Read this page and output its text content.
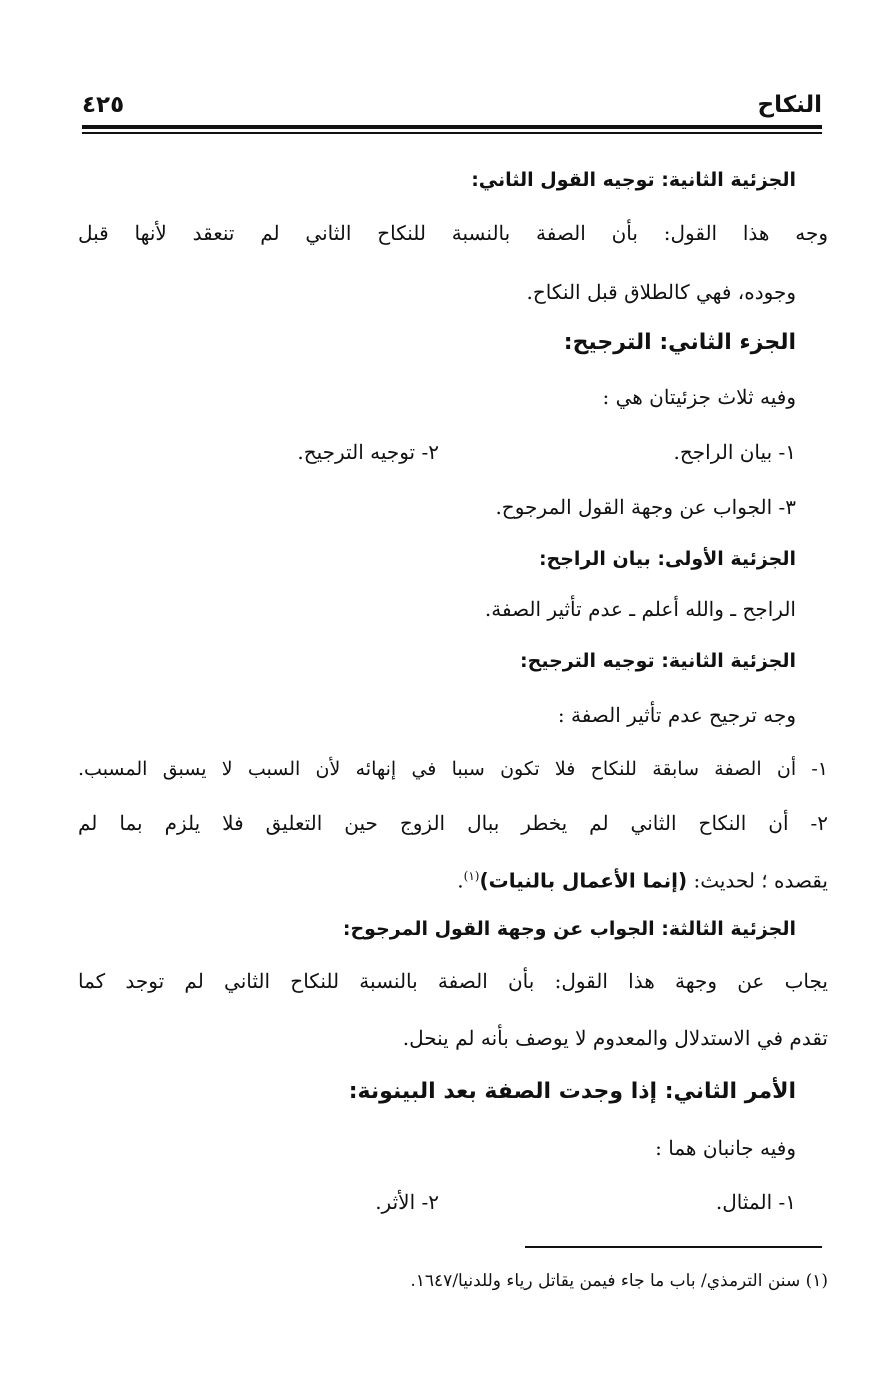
النكاح
٤٢٥
الجزئية الثانية: توجيه القول الثاني:
وجه هذا القول: بأن الصفة بالنسبة للنكاح الثاني لم تنعقد لأنها قبل
وجوده، فهي كالطلاق قبل النكاح.
الجزء الثاني: الترجيح:
وفيه ثلاث جزئيتان هي :
١- بيان الراجح.
٢- توجيه الترجيح.
٣- الجواب عن وجهة القول المرجوح.
الجزئية الأولى: بيان الراجح:
الراجح ـ والله أعلم ـ عدم تأثير الصفة.
الجزئية الثانية: توجيه الترجيح:
وجه ترجيح عدم تأثير الصفة :
١- أن الصفة سابقة للنكاح فلا تكون سببا في إنهائه لأن السبب لا يسبق المسبب.
٢- أن النكاح الثاني لم يخطر ببال الزوج حين التعليق فلا يلزم بما لم
يقصده ؛ لحديث: (إنما الأعمال بالنيات)$^{(١)}$.
الجزئية الثالثة: الجواب عن وجهة القول المرجوح:
يجاب عن وجهة هذا القول: بأن الصفة بالنسبة للنكاح الثاني لم توجد كما
تقدم في الاستدلال والمعدوم لا يوصف بأنه لم ينحل.
الأمر الثاني: إذا وجدت الصفة بعد البينونة:
وفيه جانبان هما :
١- المثال.
٢- الأثر.
(١) سنن الترمذي/ باب ما جاء فيمن يقاتل رياء وللدنيا/١٦٤٧.
